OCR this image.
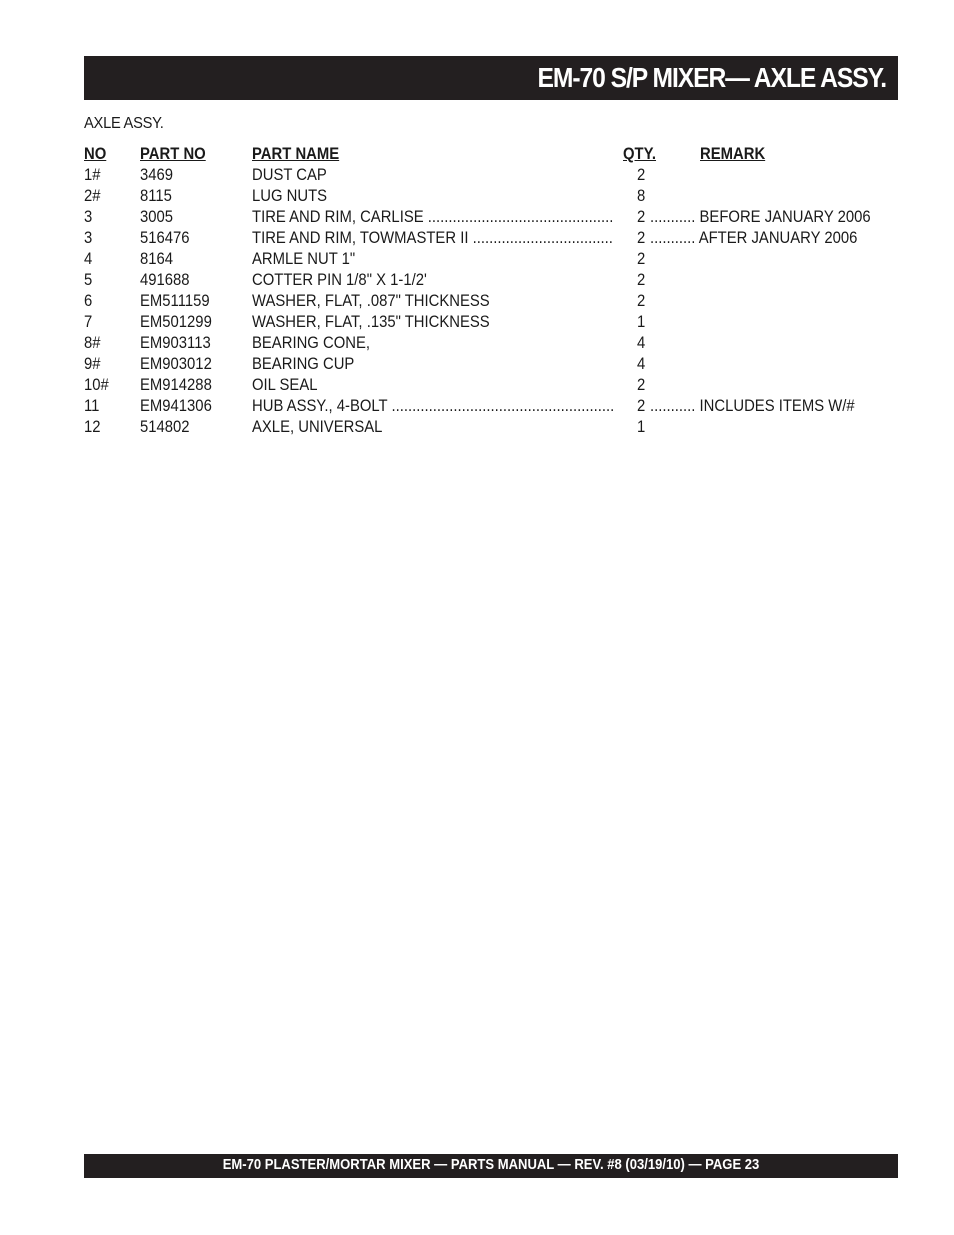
EM-70 S/P MIXER— AXLE ASSY.
AXLE ASSY.
NO PART NO	PART NAME	QTY.	REMARK
1# 3469	DUST CAP	2
2# 8115	LUG NUTS	8
3	3005	TIRE AND RIM, CARLISE ............................................. 2 ........... BEFORE JANUARY 2006
3	516476	TIRE AND RIM, TOWMASTER II .................................. 2 ........... AFTER JANUARY 2006
4	8164	ARMLE NUT 1"	2
5	491688	COTTER PIN 1/8" X 1-1/2'	2
6	EM511159	WASHER, FLAT, .087" THICKNESS	2
7	EM501299 WASHER, FLAT, .135" THICKNESS	1
8# EM903113	BEARING CONE,	4
9# EM903012 BEARING CUP	4
10# EM914288 OIL SEAL	2
11 EM941306 HUB ASSY., 4-BOLT ...................................................... 2 ........... INCLUDES ITEMS W/#
12 514802	AXLE, UNIVERSAL	1
EM-70 PLASTER/MORTAR MIXER — PARTS MANUAL — REV. #8 (03/19/10) — PAGE 23
